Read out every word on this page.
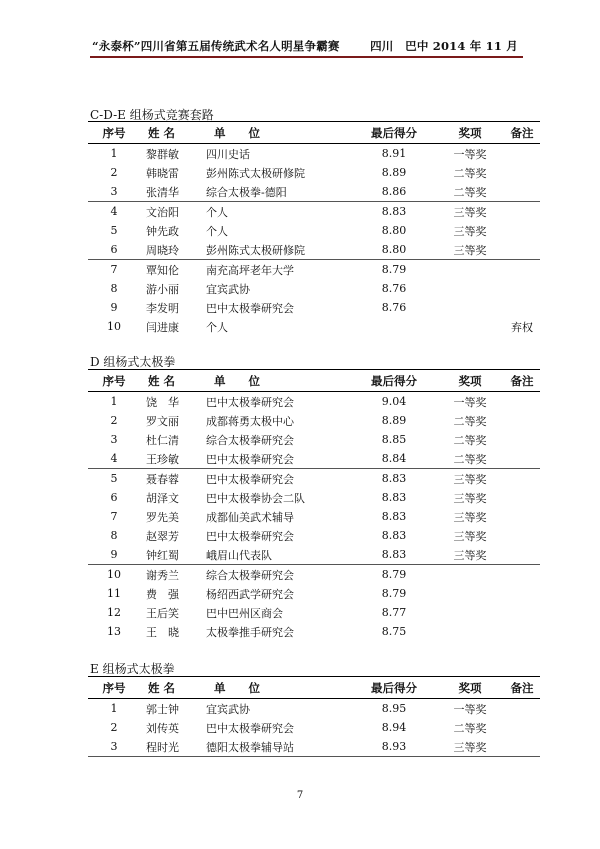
“永泰杯”四川省第五届传统武术名人明星争霸赛	四川　巴中 2014 年 11 月
C-D-E 组杨式竞赛套路
序号	姓 名	单　　位	最后得分	奖项	备注
1	黎群敏	四川史话	8.91	一等奖	
2	韩晓雷	彭州陈式太极研修院	8.89	二等奖	
3	张清华	综合太极拳-德阳	8.86	二等奖	
4	文治阳	个人	8.83	三等奖	
5	钟先政	个人	8.80	三等奖	
6	周晓玲	彭州陈式太极研修院	8.80	三等奖	
7	覃知伦	南充高坪老年大学	8.79		
8	游小丽	宜宾武协	8.76		
9	李发明	巴中太极拳研究会	8.76		
10	闫进康	个人			弃权
D 组杨式太极拳
序号	姓 名	单　　位	最后得分	奖项	备注
1	饶　华	巴中太极拳研究会	9.04	一等奖	
2	罗文丽	成都蒋勇太极中心	8.89	二等奖	
3	杜仁清	综合太极拳研究会	8.85	二等奖	
4	王珍敏	巴中太极拳研究会	8.84	二等奖	
5	聂春蓉	巴中太极拳研究会	8.83	三等奖	
6	胡泽文	巴中太极拳协会二队	8.83	三等奖	
7	罗先美	成都仙美武术辅导	8.83	三等奖	
8	赵翠芳	巴中太极拳研究会	8.83	三等奖	
9	钟红蜀	峨眉山代表队	8.83	三等奖	
10	谢秀兰	综合太极拳研究会	8.79		
11	费　强	杨绍西武学研究会	8.79		
12	王后笑	巴中巴州区商会	8.77		
13	王　晓	太极拳推手研究会	8.75		
E 组杨式太极拳
序号	姓 名	单　　位	最后得分	奖项	备注
1	郭士钟	宜宾武协	8.95	一等奖	
2	刘传英	巴中太极拳研究会	8.94	二等奖	
3	程时光	德阳太极拳辅导站	8.93	三等奖	
7
